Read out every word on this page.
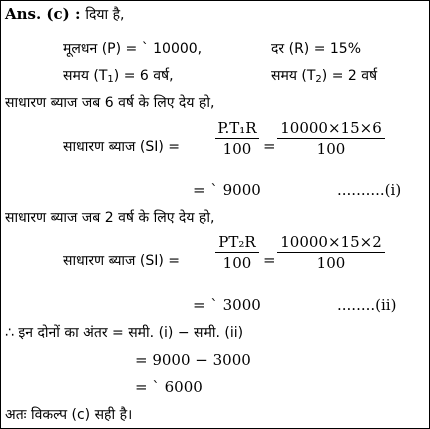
Ans. (c) : दिया है,
मूलधन (P) = ` 10000,	दर (R) = 15%
समय $(T_1) = 6$ वर्ष,	समय $(T_2) = 2$ वर्ष
साधारण ब्याज जब 6 वर्ष के लिए देय हो,
साधारण ब्याज (SI) =
P.T₁R
100 =
10000×15×6
100
= ` 9000	..........(i)
साधारण ब्याज जब 2 वर्ष के लिए देय हो,
साधारण ब्याज (SI) =
PT₂R
100 =
10000×15×2
100
= ` 3000	........(ii)
∴ इन दोनों का अंतर = समी. (i) − समी. (ii)
= 9000 − 3000
= ` 6000
अतः विकल्प (c) सही है।
